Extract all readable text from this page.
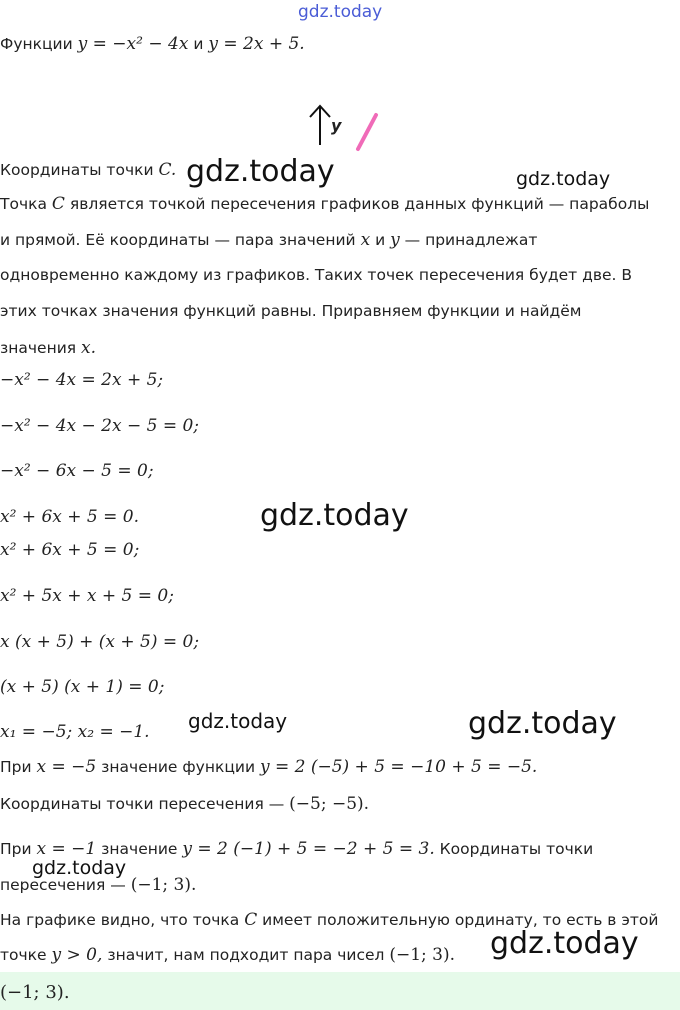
gdz.today
Функции y = −x² − 4x и y = 2x + 5.
y
Координаты точки C. gdz.today	gdz.today
Точка C является точкой пересечения графиков данных функций — параболы
и прямой. Её координаты — пара значений x и y — принадлежат
одновременно каждому из графиков. Таких точек пересечения будет две. В
этих точках значения функций равны. Приравняем функции и найдём
значения x.
−x² − 4x = 2x + 5;
−x² − 4x − 2x − 5 = 0;
−x² − 6x − 5 = 0;
x² + 6x + 5 = 0.	gdz.today
x² + 6x + 5 = 0;
x² + 5x + x + 5 = 0;
x (x + 5) + (x + 5) = 0;
(x + 5) (x + 1) = 0;
x₁ = −5; x₂ = −1. gdz.today	gdz.today
При x = −5 значение функции y = 2 (−5) + 5 = −10 + 5 = −5.
Координаты точки пересечения — (−5; −5).
При x = −1 значение y = 2 (−1) + 5 = −2 + 5 = 3. Координаты точки
gdz.today
пересечения — (−1; 3).
На графике видно, что точка C имеет положительную ординату, то есть в этой
точке y > 0, значит, нам подходит пара чисел (−1; 3). gdz.today
(−1; 3).
